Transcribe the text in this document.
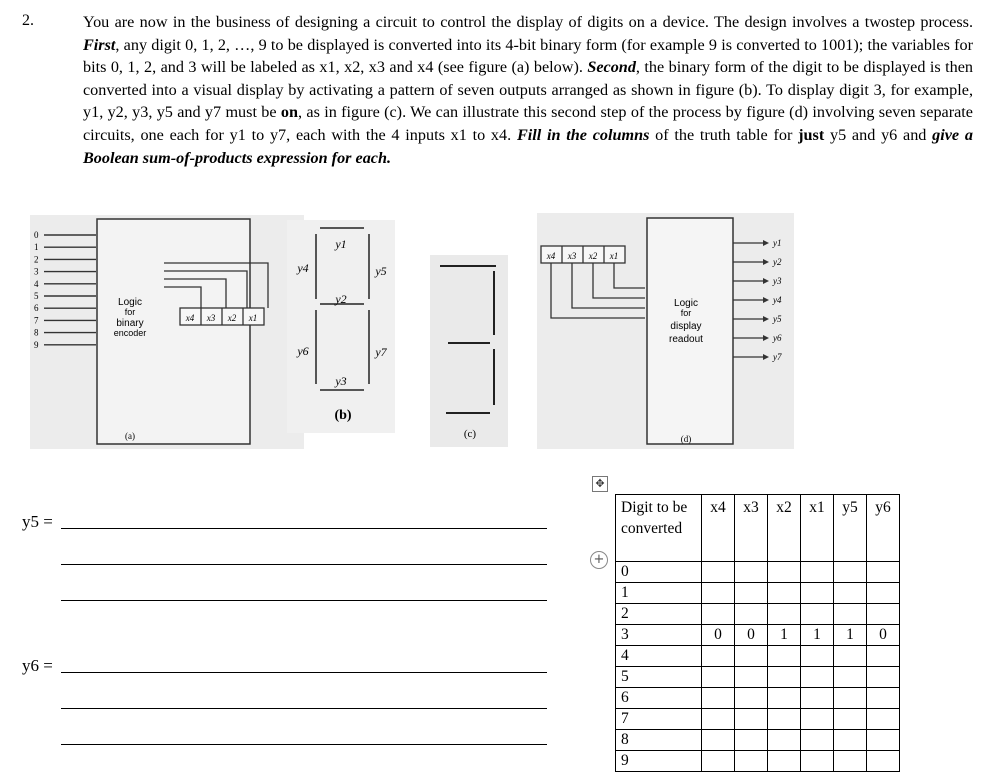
2.	You are now in the business of designing a circuit to control the display of digits on a device. The design involves a twostep process. First, any digit 0, 1, 2, …, 9 to be displayed is converted into its 4-bit binary form (for example 9 is converted to 1001); the variables for bits 0, 1, 2, and 3 will be labeled as x1, x2, x3 and x4 (see figure (a) below). Second, the binary form of the digit to be displayed is then converted into a visual display by activating a pattern of seven outputs arranged as shown in figure (b). To display digit 3, for example, y1, y2, y3, y5 and y7 must be on, as in figure (c). We can illustrate this second step of the process by figure (d) involving seven separate circuits, one each for y1 to y7, each with the 4 inputs x1 to x4. Fill in the columns of the truth table for just y5 and y6 and give a Boolean sum-of-products expression for each.
Logic
for
binary
encoder
x4 x3 x2 x1
(a)
0
1
2
3
4
5
6
7
8
9
y1
y2
y3
y4	y5
y6	y7
(b)
(c)
x4 x3 x2 x1
Logic
for
display
readout
y1
y2
y3
y4
y5
y6
y7
(d)
y5 =
y6 =
✥
+
Digit to be converted	x4	x3	x2	x1	y5	y6
0						
1						
2						
3	0	0	1	1	1	0
4						
5						
6						
7						
8						
9						
